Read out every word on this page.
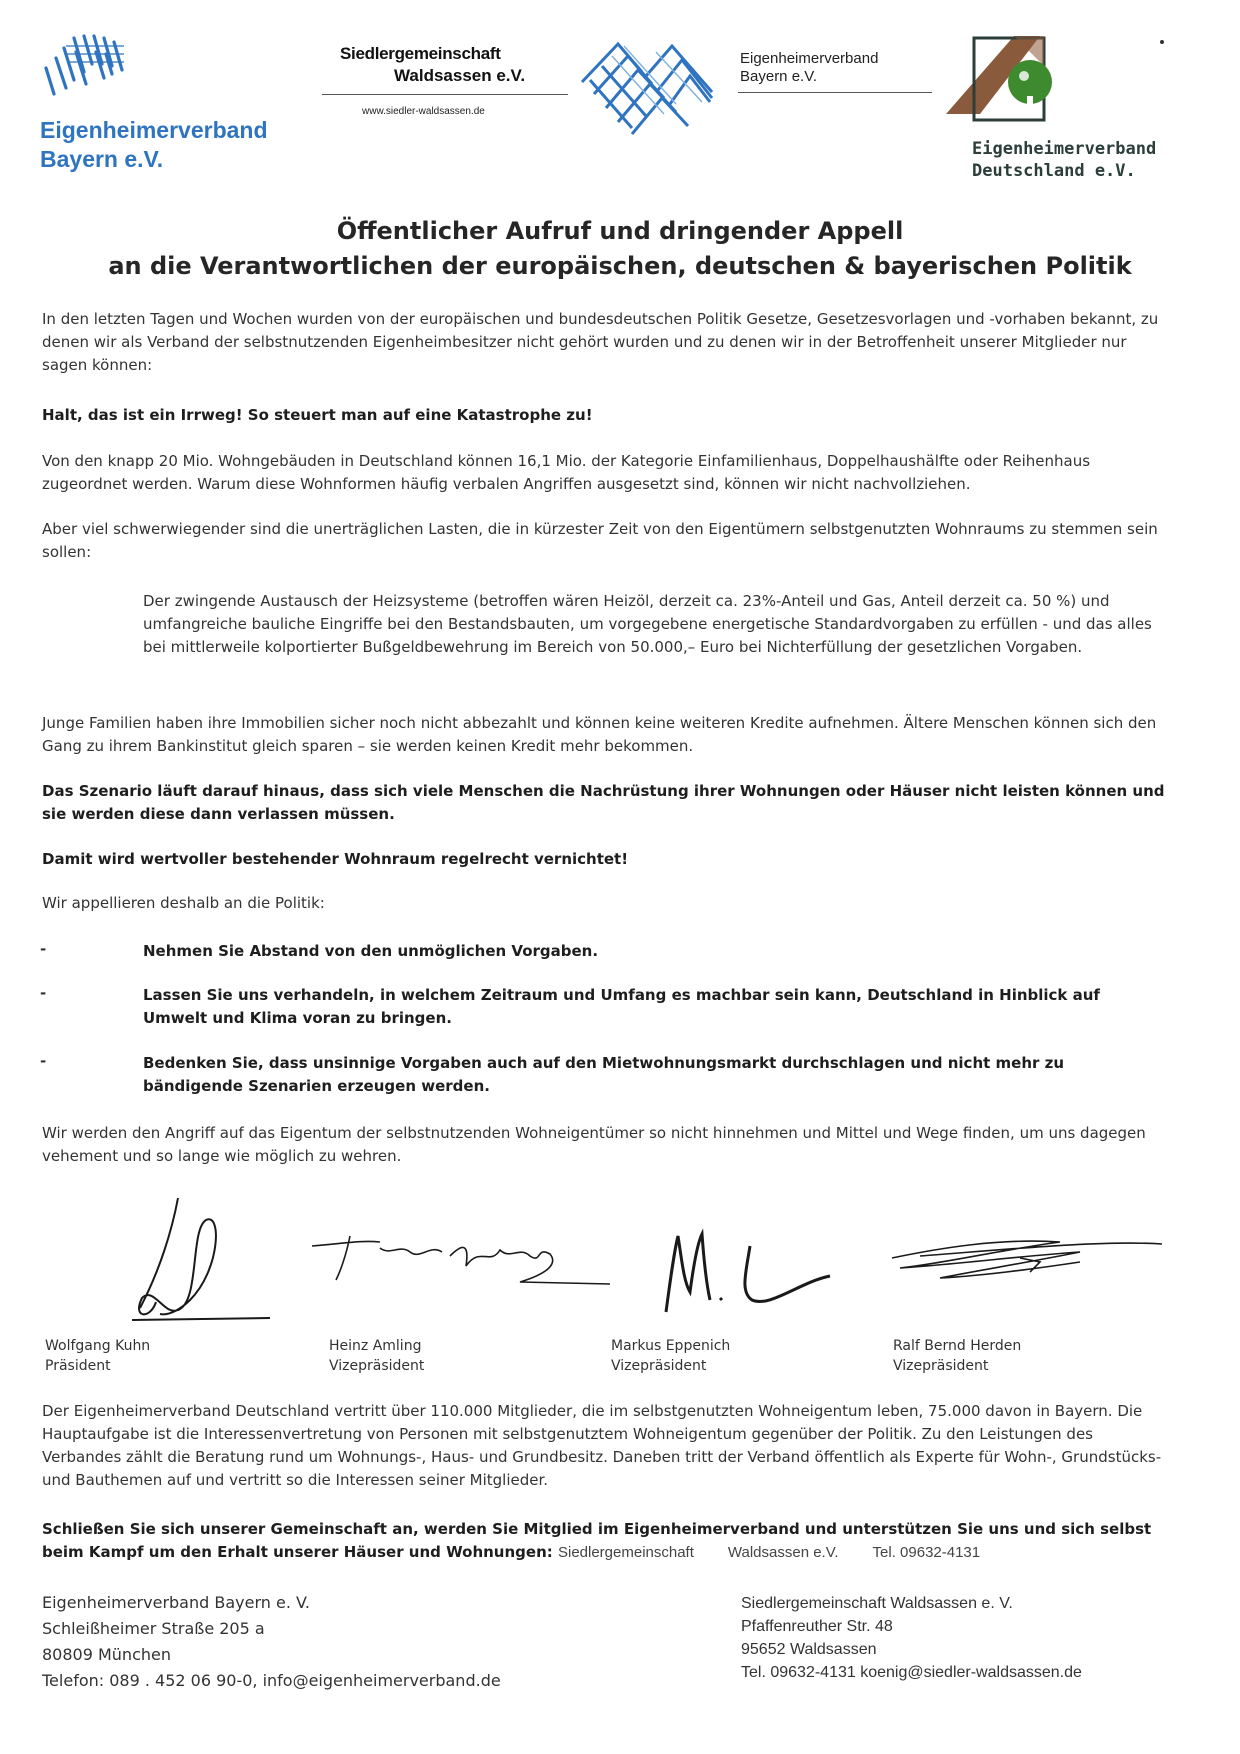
Eigenheimerverband
Bayern e.V.
Siedlergemeinschaft
Waldsassen e.V.
www.siedler-waldsassen.de
Eigenheimerverband
Bayern e.V.
Eigenheimerverband
Deutschland e.V.
Öffentlicher Aufruf und dringender Appell
an die Verantwortlichen der europäischen, deutschen & bayerischen Politik
In den letzten Tagen und Wochen wurden von der europäischen und bundesdeutschen Politik Gesetze, Gesetzesvorlagen und -vorhaben bekannt, zu denen wir als Verband der selbstnutzenden Eigenheimbesitzer nicht gehört wurden und zu denen wir in der Betroffenheit unserer Mitglieder nur sagen können:
Halt, das ist ein Irrweg! So steuert man auf eine Katastrophe zu!
Von den knapp 20 Mio. Wohngebäuden in Deutschland können 16,1 Mio. der Kategorie Einfamilienhaus, Doppelhaushälfte oder Reihenhaus zugeordnet werden. Warum diese Wohnformen häufig verbalen Angriffen ausgesetzt sind, können wir nicht nachvollziehen.
Aber viel schwerwiegender sind die unerträglichen Lasten, die in kürzester Zeit von den Eigentümern selbstgenutzten Wohnraums zu stemmen sein sollen:
Der zwingende Austausch der Heizsysteme (betroffen wären Heizöl, derzeit ca. 23%-Anteil und Gas, Anteil derzeit ca. 50 %) und umfangreiche bauliche Eingriffe bei den Bestandsbauten, um vorgegebene energetische Standardvorgaben zu erfüllen - und das alles bei mittlerweile kolportierter Bußgeldbewehrung im Bereich von 50.000,– Euro bei Nichterfüllung der gesetzlichen Vorgaben.
Junge Familien haben ihre Immobilien sicher noch nicht abbezahlt und können keine weiteren Kredite aufnehmen. Ältere Menschen können sich den Gang zu ihrem Bankinstitut gleich sparen – sie werden keinen Kredit mehr bekommen.
Das Szenario läuft darauf hinaus, dass sich viele Menschen die Nachrüstung ihrer Wohnungen oder Häuser nicht leisten können und sie werden diese dann verlassen müssen.
Damit wird wertvoller bestehender Wohnraum regelrecht vernichtet!
Wir appellieren deshalb an die Politik:
-	Nehmen Sie Abstand von den unmöglichen Vorgaben.
-	Lassen Sie uns verhandeln, in welchem Zeitraum und Umfang es machbar sein kann, Deutschland in Hinblick auf Umwelt und Klima voran zu bringen.
-	Bedenken Sie, dass unsinnige Vorgaben auch auf den Mietwohnungsmarkt durchschlagen und nicht mehr zu bändigende Szenarien erzeugen werden.
Wir werden den Angriff auf das Eigentum der selbstnutzenden Wohneigentümer so nicht hinnehmen und Mittel und Wege finden, um uns dagegen vehement und so lange wie möglich zu wehren.
Wolfgang Kuhn
Präsident
Heinz Amling
Vizepräsident
Markus Eppenich
Vizepräsident
Ralf Bernd Herden
Vizepräsident
Der Eigenheimerverband Deutschland vertritt über 110.000 Mitglieder, die im selbstgenutzten Wohneigentum leben, 75.000 davon in Bayern. Die Hauptaufgabe ist die Interessenvertretung von Personen mit selbstgenutztem Wohneigentum gegenüber der Politik. Zu den Leistungen des Verbandes zählt die Beratung rund um Wohnungs-, Haus- und Grundbesitz. Daneben tritt der Verband öffentlich als Experte für Wohn-, Grundstücks- und Bauthemen auf und vertritt so die Interessen seiner Mitglieder.
Schließen Sie sich unserer Gemeinschaft an, werden Sie Mitglied im Eigenheimerverband und unterstützen Sie uns und sich selbst beim Kampf um den Erhalt unserer Häuser und Wohnungen: Siedlergemeinschaft Waldsassen e.V. Tel. 09632-4131
Eigenheimerverband Bayern e. V.
Schleißheimer Straße 205 a
80809 München
Telefon: 089 . 452 06 90-0, info@eigenheimerverband.de
Siedlergemeinschaft Waldsassen e. V.
Pfaffenreuther Str. 48
95652 Waldsassen
Tel. 09632-4131 koenig@siedler-waldsassen.de
